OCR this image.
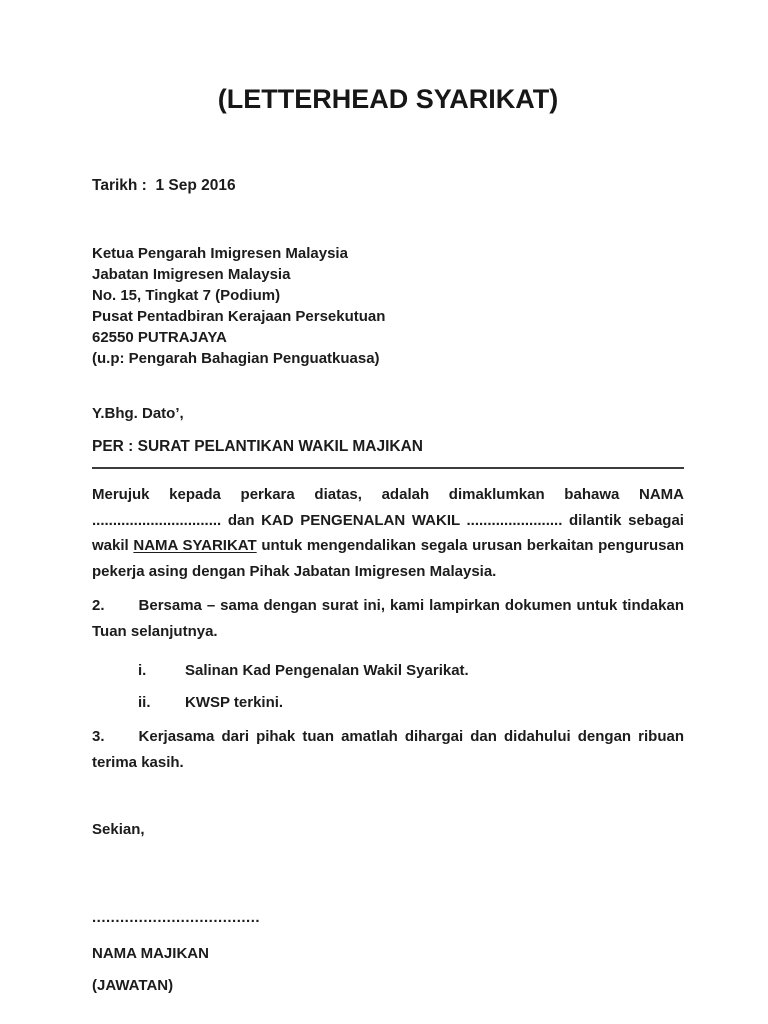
(LETTERHEAD SYARIKAT)
Tarikh :  1 Sep 2016
Ketua Pengarah Imigresen Malaysia
Jabatan Imigresen Malaysia
No. 15, Tingkat 7 (Podium)
Pusat Pentadbiran Kerajaan Persekutuan
62550 PUTRAJAYA
(u.p: Pengarah Bahagian Penguatkuasa)
Y.Bhg. Dato’,
PER : SURAT PELANTIKAN WAKIL MAJIKAN

Merujuk kepada perkara diatas, adalah dimaklumkan bahawa NAMA ............................... dan KAD PENGENALAN WAKIL ....................... dilantik sebagai wakil NAMA SYARIKAT untuk mengendalikan segala urusan berkaitan pengurusan pekerja asing dengan Pihak Jabatan Imigresen Malaysia.

2. Bersama – sama dengan surat ini, kami lampirkan dokumen untuk tindakan Tuan selanjutnya.

i.	Salinan Kad Pengenalan Wakil Syarikat.
ii.	KWSP terkini.

3. Kerjasama dari pihak tuan amatlah dihargai dan didahului dengan ribuan terima kasih.

Sekian,
....................................
NAMA MAJIKAN
(JAWATAN)
